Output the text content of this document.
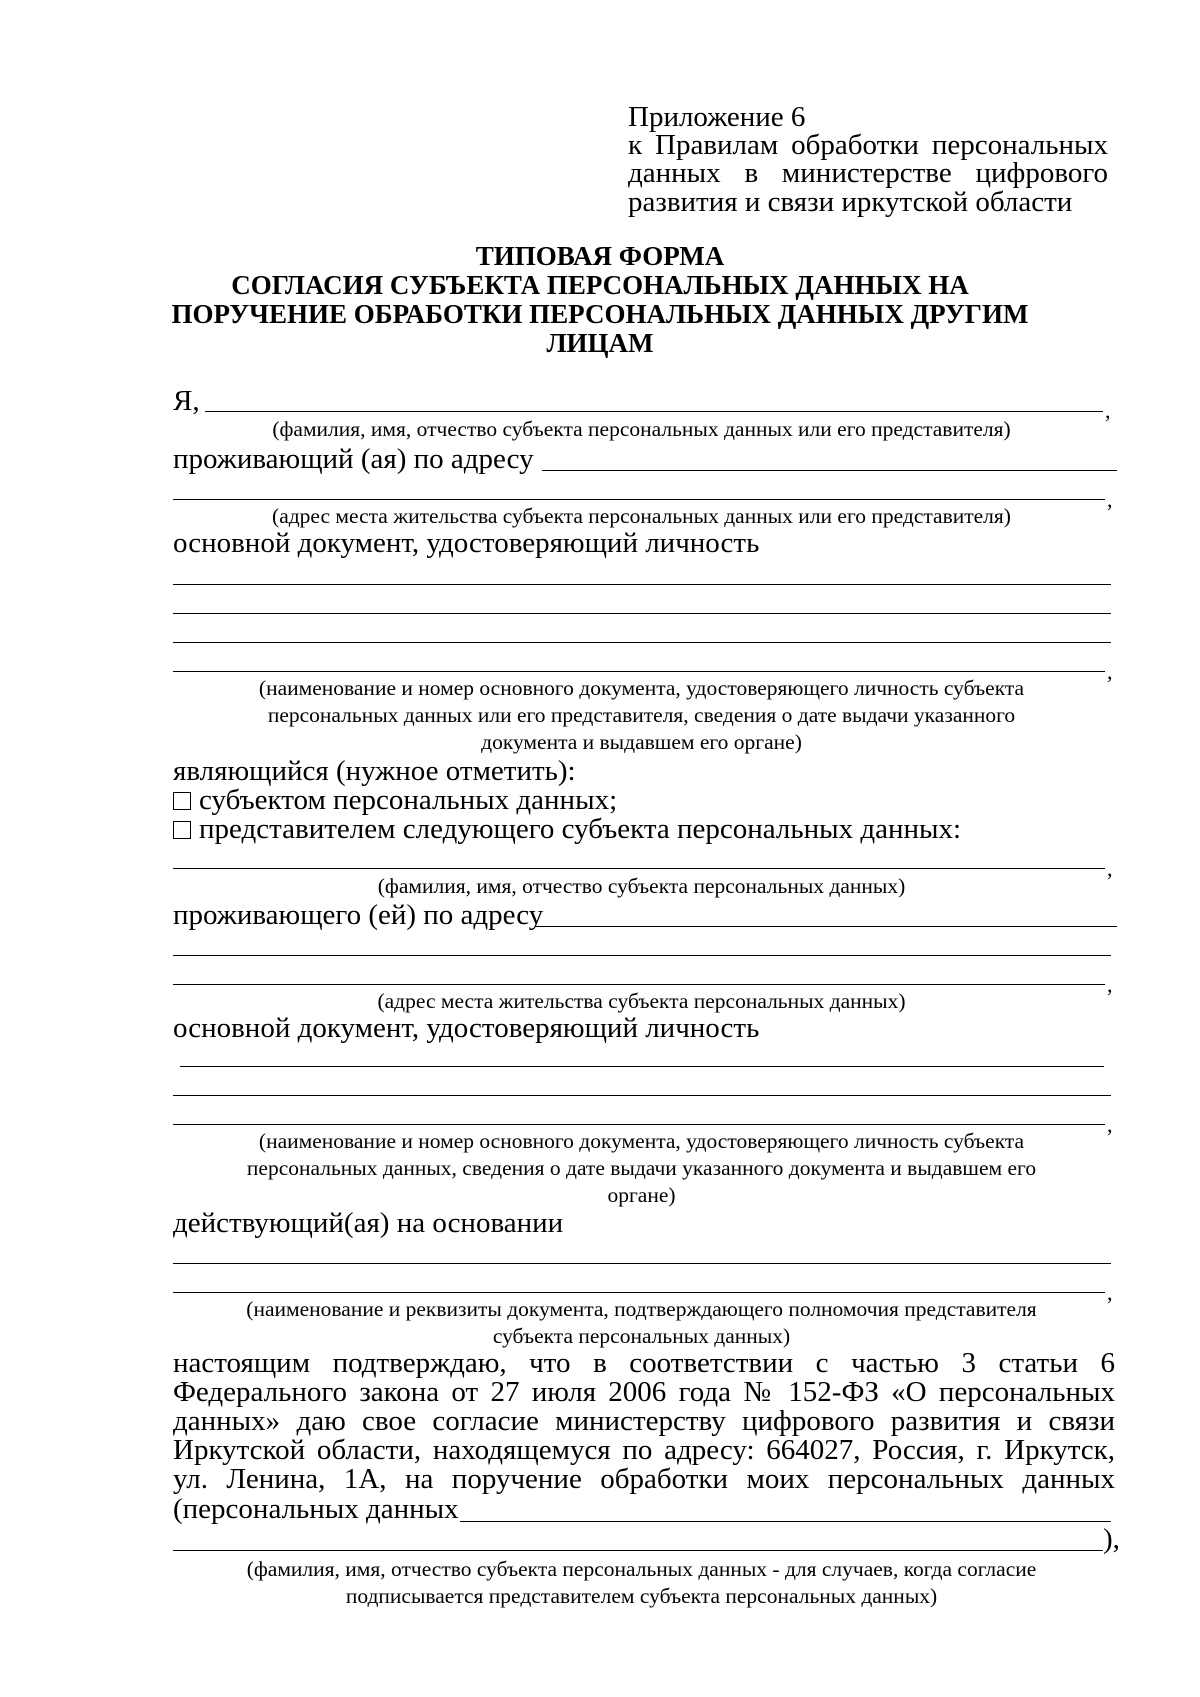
Приложение 6
к Правилам обработки персональных
данных в министерстве цифрового
развития и связи иркутской области
ТИПОВАЯ ФОРМА
СОГЛАСИЯ СУБЪЕКТА ПЕРСОНАЛЬНЫХ ДАННЫХ НА
ПОРУЧЕНИЕ ОБРАБОТКИ ПЕРСОНАЛЬНЫХ ДАННЫХ ДРУГИМ
ЛИЦАМ
Я,	,
(фамилия, имя, отчество субъекта персональных данных или его представителя)
проживающий (ая) по адресу
,
(адрес места жительства субъекта персональных данных или его представителя)
основной документ, удостоверяющий личность
,
(наименование и номер основного документа, удостоверяющего личность субъекта
персональных данных или его представителя, сведения о дате выдачи указанного
документа и выдавшем его органе)
являющийся (нужное отметить):
субъектом персональных данных;
представителем следующего субъекта персональных данных:
,
(фамилия, имя, отчество субъекта персональных данных)
проживающего (ей) по адресу
,
(адрес места жительства субъекта персональных данных)
основной документ, удостоверяющий личность
,
(наименование и номер основного документа, удостоверяющего личность субъекта
персональных данных, сведения о дате выдачи указанного документа и выдавшем его
органе)
действующий(ая) на основании
,
(наименование и реквизиты документа, подтверждающего полномочия представителя
субъекта персональных данных)
настоящим подтверждаю, что в соответствии с частью 3 статьи 6
Федерального закона от 27 июля 2006 года № 152-ФЗ «О персональных
данных» даю свое согласие министерству цифрового развития и связи
Иркутской области, находящемуся по адресу: 664027, Россия, г. Иркутск,
ул. Ленина, 1А, на поручение обработки моих персональных данных
(персональных данных
),
(фамилия, имя, отчество субъекта персональных данных - для случаев, когда согласие
подписывается представителем субъекта персональных данных)
